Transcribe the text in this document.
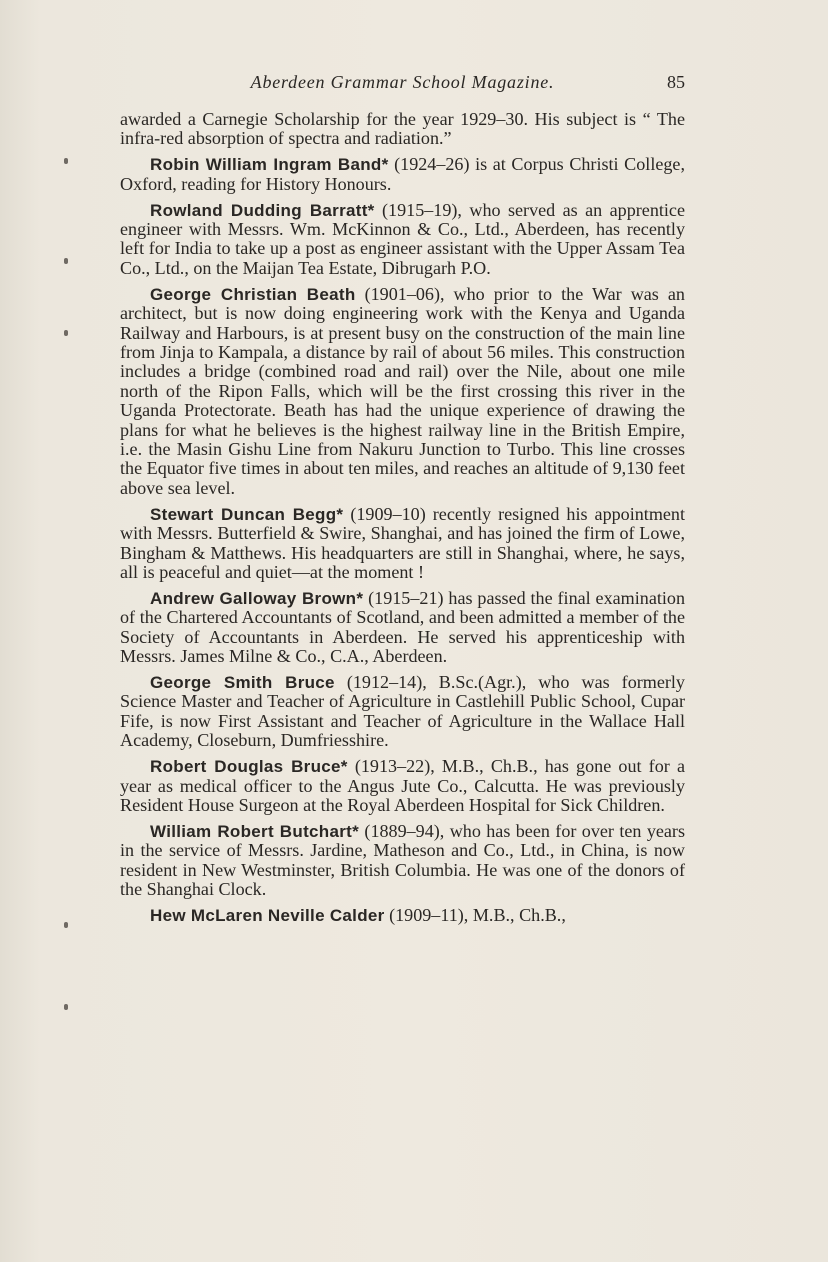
Aberdeen Grammar School Magazine.	85

awarded a Carnegie Scholarship for the year 1929–30. His subject is “ The infra-red absorption of spectra and radiation.”

Robin William Ingram Band* (1924–26) is at Corpus Christi College, Oxford, reading for History Honours.

Rowland Dudding Barratt* (1915–19), who served as an apprentice engineer with Messrs. Wm. McKinnon & Co., Ltd., Aberdeen, has recently left for India to take up a post as engineer assistant with the Upper Assam Tea Co., Ltd., on the Maijan Tea Estate, Dibrugarh P.O.

George Christian Beath (1901–06), who prior to the War was an architect, but is now doing engineering work with the Kenya and Uganda Railway and Harbours, is at present busy on the construction of the main line from Jinja to Kampala, a distance by rail of about 56 miles. This construction includes a bridge (combined road and rail) over the Nile, about one mile north of the Ripon Falls, which will be the first crossing this river in the Uganda Protectorate. Beath has had the unique experience of drawing the plans for what he believes is the highest railway line in the British Empire, i.e. the Masin Gishu Line from Nakuru Junction to Turbo. This line crosses the Equator five times in about ten miles, and reaches an altitude of 9,130 feet above sea level.

Stewart Duncan Begg* (1909–10) recently resigned his appointment with Messrs. Butterfield & Swire, Shanghai, and has joined the firm of Lowe, Bingham & Matthews. His headquarters are still in Shanghai, where, he says, all is peaceful and quiet—at the moment !

Andrew Galloway Brown* (1915–21) has passed the final examination of the Chartered Accountants of Scotland, and been admitted a member of the Society of Accountants in Aberdeen. He served his apprenticeship with Messrs. James Milne & Co., C.A., Aberdeen.

George Smith Bruce (1912–14), B.Sc.(Agr.), who was formerly Science Master and Teacher of Agriculture in Castlehill Public School, Cupar Fife, is now First Assistant and Teacher of Agriculture in the Wallace Hall Academy, Closeburn, Dumfriesshire.

Robert Douglas Bruce* (1913–22), M.B., Ch.B., has gone out for a year as medical officer to the Angus Jute Co., Calcutta. He was previously Resident House Surgeon at the Royal Aberdeen Hospital for Sick Children.

William Robert Butchart* (1889–94), who has been for over ten years in the service of Messrs. Jardine, Matheson and Co., Ltd., in China, is now resident in New Westminster, British Columbia. He was one of the donors of the Shanghai Clock.

Hew McLaren Neville Calder (1909–11), M.B., Ch.B.,
